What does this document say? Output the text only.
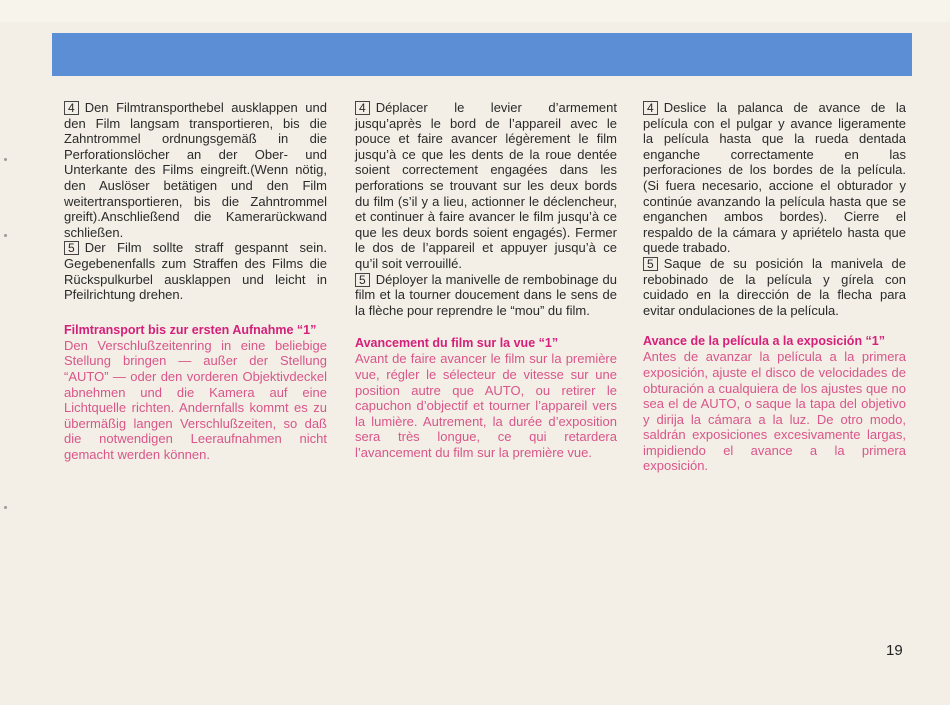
4 Den Filmtransporthebel ausklappen und den Film langsam transportieren, bis die Zahntrommel ordnungsgemäß in die Perforationslöcher an der Ober- und Unterkante des Films eingreift.(Wenn nötig, den Auslöser betätigen und den Film weitertransportieren, bis die Zahntrommel greift).Anschließend die Kamerarückwand schließen.

5 Der Film sollte straff gespannt sein. Gegebenenfalls zum Straffen des Films die Rückspulkurbel ausklappen und leicht in Pfeilrichtung drehen.

Filmtransport bis zur ersten Aufnahme “1”

Den Verschlußzeitenring in eine beliebige Stellung bringen — außer der Stellung “AUTO” — oder den vorderen Objektivdeckel abnehmen und die Kamera auf eine Lichtquelle richten. Andernfalls kommt es zu übermäßig langen Verschlußzeiten, so daß die notwendigen Leeraufnahmen nicht gemacht werden können.

4 Déplacer le levier d’armement jusqu’après le bord de l’appareil avec le pouce et faire avancer légèrement le film jusqu’à ce que les dents de la roue dentée soient correctement engagées dans les perforations se trouvant sur les deux bords du film (s’il y a lieu, actionner le déclencheur, et continuer à faire avancer le film jusqu’à ce que les deux bords soient engagés). Fermer le dos de l’appareil et appuyer jusqu’à ce qu’il soit verrouillé.

5 Déployer la manivelle de rembobinage du film et la tourner doucement dans le sens de la flèche pour reprendre le “mou” du film.

Avancement du film sur la vue “1”

Avant de faire avancer le film sur la première vue, régler le sélecteur de vitesse sur une position autre que AUTO, ou retirer le capuchon d’objectif et tourner l’appareil vers la lumière. Autrement, la durée d’exposition sera très longue, ce qui retardera l’avancement du film sur la première vue.

4 Deslice la palanca de avance de la película con el pulgar y avance ligeramente la película hasta que la rueda dentada enganche correctamente en las perforaciones de los bordes de la película. (Si fuera necesario, accione el obturador y continúe avanzando la película hasta que se enganchen ambos bordes). Cierre el respaldo de la cámara y apriételo hasta que quede trabado.

5 Saque de su posición la manivela de rebobinado de la película y gírela con cuidado en la dirección de la flecha para evitar ondulaciones de la película.

Avance de la película a la exposición “1”

Antes de avanzar la película a la primera exposición, ajuste el disco de velocidades de obturación a cualquiera de los ajustes que no sea el de AUTO, o saque la tapa del objetivo y dirija la cámara a la luz. De otro modo, saldrán exposiciones excesivamente largas, impidiendo el avance a la primera exposición.

19
